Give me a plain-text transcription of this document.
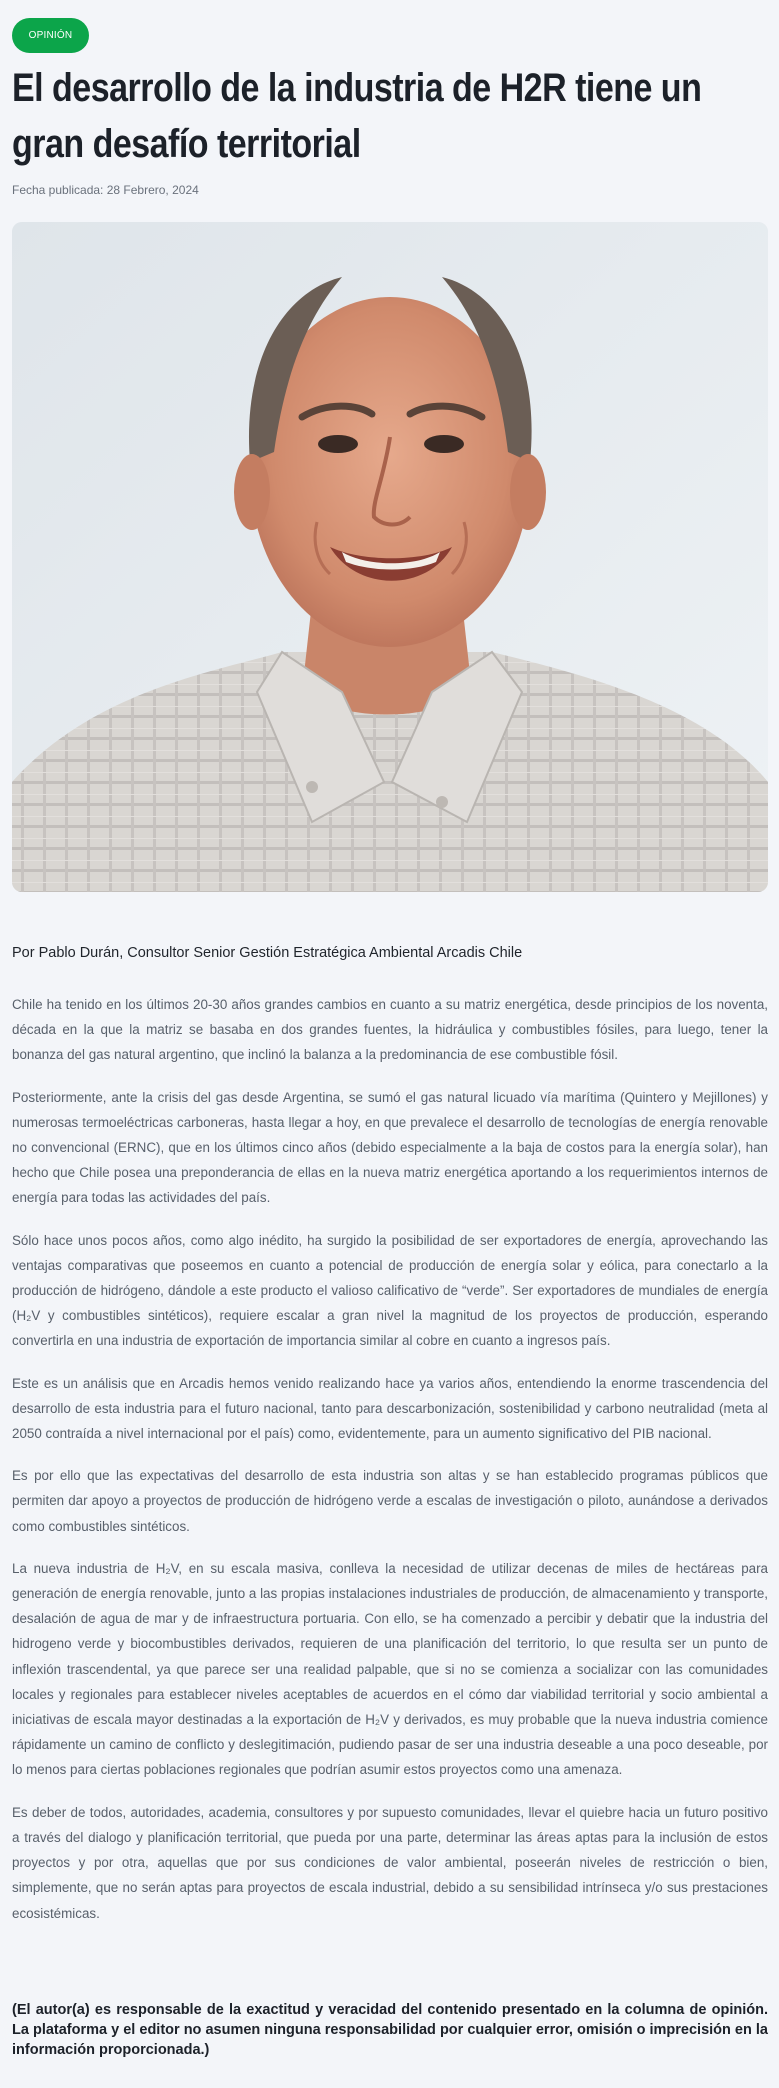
OPINIÓN
El desarrollo de la industria de H2R tiene un gran desafío territorial
Fecha publicada: 28 Febrero, 2024
Por Pablo Durán, Consultor Senior Gestión Estratégica Ambiental Arcadis Chile

Chile ha tenido en los últimos 20-30 años grandes cambios en cuanto a su matriz energética, desde principios de los noventa, década en la que la matriz se basaba en dos grandes fuentes, la hidráulica y combustibles fósiles, para luego, tener la bonanza del gas natural argentino, que inclinó la balanza a la predominancia de ese combustible fósil.

Posteriormente, ante la crisis del gas desde Argentina, se sumó el gas natural licuado vía marítima (Quintero y Mejillones) y numerosas termoeléctricas carboneras, hasta llegar a hoy, en que prevalece el desarrollo de tecnologías de energía renovable no convencional (ERNC), que en los últimos cinco años (debido especialmente a la baja de costos para la energía solar), han hecho que Chile posea una preponderancia de ellas en la nueva matriz energética aportando a los requerimientos internos de energía para todas las actividades del país.

Sólo hace unos pocos años, como algo inédito, ha surgido la posibilidad de ser exportadores de energía, aprovechando las ventajas comparativas que poseemos en cuanto a potencial de producción de energía solar y eólica, para conectarlo a la producción de hidrógeno, dándole a este producto el valioso calificativo de “verde”. Ser exportadores de mundiales de energía (H₂V y combustibles sintéticos), requiere escalar a gran nivel la magnitud de los proyectos de producción, esperando convertirla en una industria de exportación de importancia similar al cobre en cuanto a ingresos país.

Este es un análisis que en Arcadis hemos venido realizando hace ya varios años, entendiendo la enorme trascendencia del desarrollo de esta industria para el futuro nacional, tanto para descarbonización, sostenibilidad y carbono neutralidad (meta al 2050 contraída a nivel internacional por el país) como, evidentemente, para un aumento significativo del PIB nacional.

Es por ello que las expectativas del desarrollo de esta industria son altas y se han establecido programas públicos que permiten dar apoyo a proyectos de producción de hidrógeno verde a escalas de investigación o piloto, aunándose a derivados como combustibles sintéticos.

La nueva industria de H₂V, en su escala masiva, conlleva la necesidad de utilizar decenas de miles de hectáreas para generación de energía renovable, junto a las propias instalaciones industriales de producción, de almacenamiento y transporte, desalación de agua de mar y de infraestructura portuaria. Con ello, se ha comenzado a percibir y debatir que la industria del hidrogeno verde y biocombustibles derivados, requieren de una planificación del territorio, lo que resulta ser un punto de inflexión trascendental, ya que parece ser una realidad palpable, que si no se comienza a socializar con las comunidades locales y regionales para establecer niveles aceptables de acuerdos en el cómo dar viabilidad territorial y socio ambiental a iniciativas de escala mayor destinadas a la exportación de H₂V y derivados, es muy probable que la nueva industria comience rápidamente un camino de conflicto y deslegitimación, pudiendo pasar de ser una industria deseable a una poco deseable, por lo menos para ciertas poblaciones regionales que podrían asumir estos proyectos como una amenaza.

Es deber de todos, autoridades, academia, consultores y por supuesto comunidades, llevar el quiebre hacia un futuro positivo a través del dialogo y planificación territorial, que pueda por una parte, determinar las áreas aptas para la inclusión de estos proyectos y por otra, aquellas que por sus condiciones de valor ambiental, poseerán niveles de restricción o bien, simplemente, que no serán aptas para proyectos de escala industrial, debido a su sensibilidad intrínseca y/o sus prestaciones ecosistémicas.

(El autor(a) es responsable de la exactitud y veracidad del contenido presentado en la columna de opinión. La plataforma y el editor no asumen ninguna responsabilidad por cualquier error, omisión o imprecisión en la información proporcionada.)
